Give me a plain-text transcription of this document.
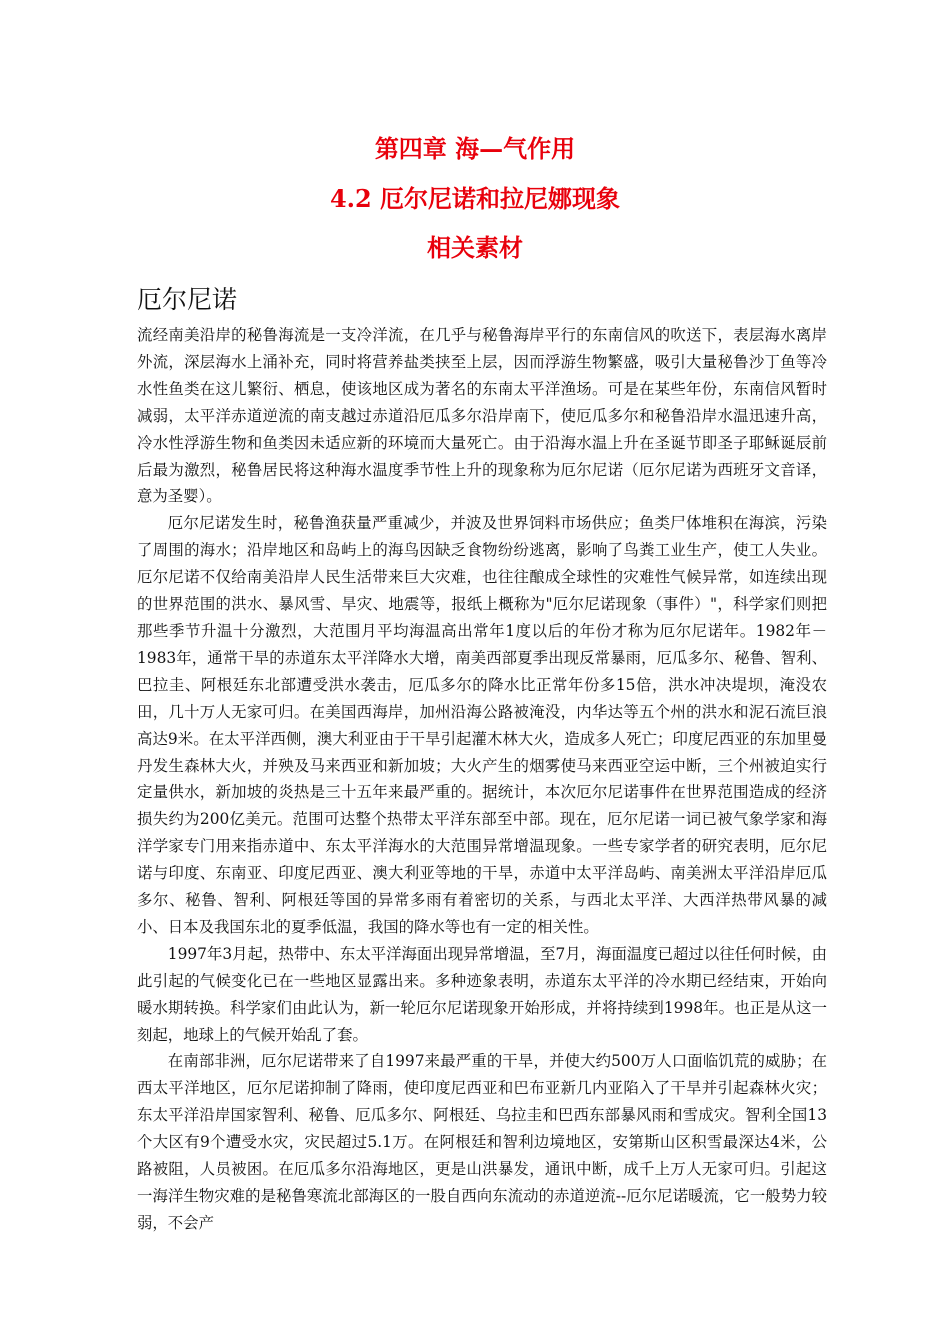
第四章 海—气作用
4.2 厄尔尼诺和拉尼娜现象
相关素材
厄尔尼诺

流经南美沿岸的秘鲁海流是一支冷洋流，在几乎与秘鲁海岸平行的东南信风的吹送下，表层海水离岸外流，深层海水上涌补充，同时将营养盐类挟至上层，因而浮游生物繁盛，吸引大量秘鲁沙丁鱼等冷水性鱼类在这儿繁衍、栖息，使该地区成为著名的东南太平洋渔场。可是在某些年份，东南信风暂时减弱，太平洋赤道逆流的南支越过赤道沿厄瓜多尔沿岸南下，使厄瓜多尔和秘鲁沿岸水温迅速升高，冷水性浮游生物和鱼类因未适应新的环境而大量死亡。由于沿海水温上升在圣诞节即圣子耶稣诞辰前后最为激烈，秘鲁居民将这种海水温度季节性上升的现象称为厄尔尼诺（厄尔尼诺为西班牙文音译，意为圣婴）。

厄尔尼诺发生时，秘鲁渔获量严重减少，并波及世界饲料市场供应；鱼类尸体堆积在海滨，污染了周围的海水；沿岸地区和岛屿上的海鸟因缺乏食物纷纷逃离，影响了鸟粪工业生产，使工人失业。厄尔尼诺不仅给南美沿岸人民生活带来巨大灾难，也往往酿成全球性的灾难性气候异常，如连续出现的世界范围的洪水、暴风雪、旱灾、地震等，报纸上概称为"厄尔尼诺现象（事件）"，科学家们则把那些季节升温十分激烈，大范围月平均海温高出常年1度以后的年份才称为厄尔尼诺年。1982年－1983年，通常干旱的赤道东太平洋降水大增，南美西部夏季出现反常暴雨，厄瓜多尔、秘鲁、智利、巴拉圭、阿根廷东北部遭受洪水袭击，厄瓜多尔的降水比正常年份多15倍，洪水冲决堤坝，淹没农田，几十万人无家可归。在美国西海岸，加州沿海公路被淹没，内华达等五个州的洪水和泥石流巨浪高达9米。在太平洋西侧，澳大利亚由于干旱引起灌木林大火，造成多人死亡；印度尼西亚的东加里曼丹发生森林大火，并殃及马来西亚和新加坡；大火产生的烟雾使马来西亚空运中断，三个州被迫实行定量供水，新加坡的炎热是三十五年来最严重的。据统计，本次厄尔尼诺事件在世界范围造成的经济损失约为200亿美元。范围可达整个热带太平洋东部至中部。现在，厄尔尼诺一词已被气象学家和海洋学家专门用来指赤道中、东太平洋海水的大范围异常增温现象。一些专家学者的研究表明，厄尔尼诺与印度、东南亚、印度尼西亚、澳大利亚等地的干旱，赤道中太平洋岛屿、南美洲太平洋沿岸厄瓜多尔、秘鲁、智利、阿根廷等国的异常多雨有着密切的关系，与西北太平洋、大西洋热带风暴的减小、日本及我国东北的夏季低温，我国的降水等也有一定的相关性。

1997年3月起，热带中、东太平洋海面出现异常增温，至7月，海面温度已超过以往任何时候，由此引起的气候变化已在一些地区显露出来。多种迹象表明，赤道东太平洋的冷水期已经结束，开始向暖水期转换。科学家们由此认为，新一轮厄尔尼诺现象开始形成，并将持续到1998年。也正是从这一刻起，地球上的气候开始乱了套。

在南部非洲，厄尔尼诺带来了自1997来最严重的干旱，并使大约500万人口面临饥荒的威胁；在西太平洋地区，厄尔尼诺抑制了降雨，使印度尼西亚和巴布亚新几内亚陷入了干旱并引起森林火灾；东太平洋沿岸国家智利、秘鲁、厄瓜多尔、阿根廷、乌拉圭和巴西东部暴风雨和雪成灾。智利全国13个大区有9个遭受水灾，灾民超过5.1万。在阿根廷和智利边境地区，安第斯山区积雪最深达4米，公路被阻，人员被困。在厄瓜多尔沿海地区，更是山洪暴发，通讯中断，成千上万人无家可归。引起这一海洋生物灾难的是秘鲁寒流北部海区的一股自西向东流动的赤道逆流--厄尔尼诺暖流，它一般势力较弱，不会产
